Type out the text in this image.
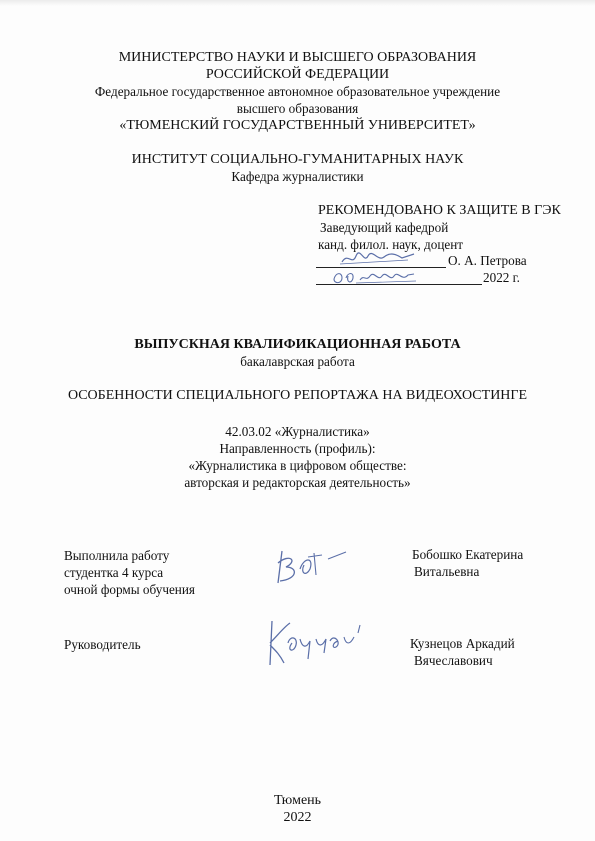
МИНИСТЕРСТВО НАУКИ И ВЫСШЕГО ОБРАЗОВАНИЯ
РОССИЙСКОЙ ФЕДЕРАЦИИ
Федеральное государственное автономное образовательное учреждение
высшего образования
«ТЮМЕНСКИЙ ГОСУДАРСТВЕННЫЙ УНИВЕРСИТЕТ»
ИНСТИТУТ СОЦИАЛЬНО-ГУМАНИТАРНЫХ НАУК
Кафедра журналистики
РЕКОМЕНДОВАНО К ЗАЩИТЕ В ГЭК
Заведующий кафедрой
канд. филол. наук, доцент
О. А. Петрова
2022 г.
ВЫПУСКНАЯ КВАЛИФИКАЦИОННАЯ РАБОТА
бакалаврская работа
ОСОБЕННОСТИ СПЕЦИАЛЬНОГО РЕПОРТАЖА НА ВИДЕОХОСТИНГЕ
42.03.02 «Журналистика»
Направленность (профиль):
«Журналистика в цифровом обществе:
авторская и редакторская деятельность»
Выполнила работу
студентка 4 курса
очной формы обучения
Бобошко Екатерина
Витальевна
Руководитель	Кузнецов Аркадий
Вячеславович
Тюмень
2022
